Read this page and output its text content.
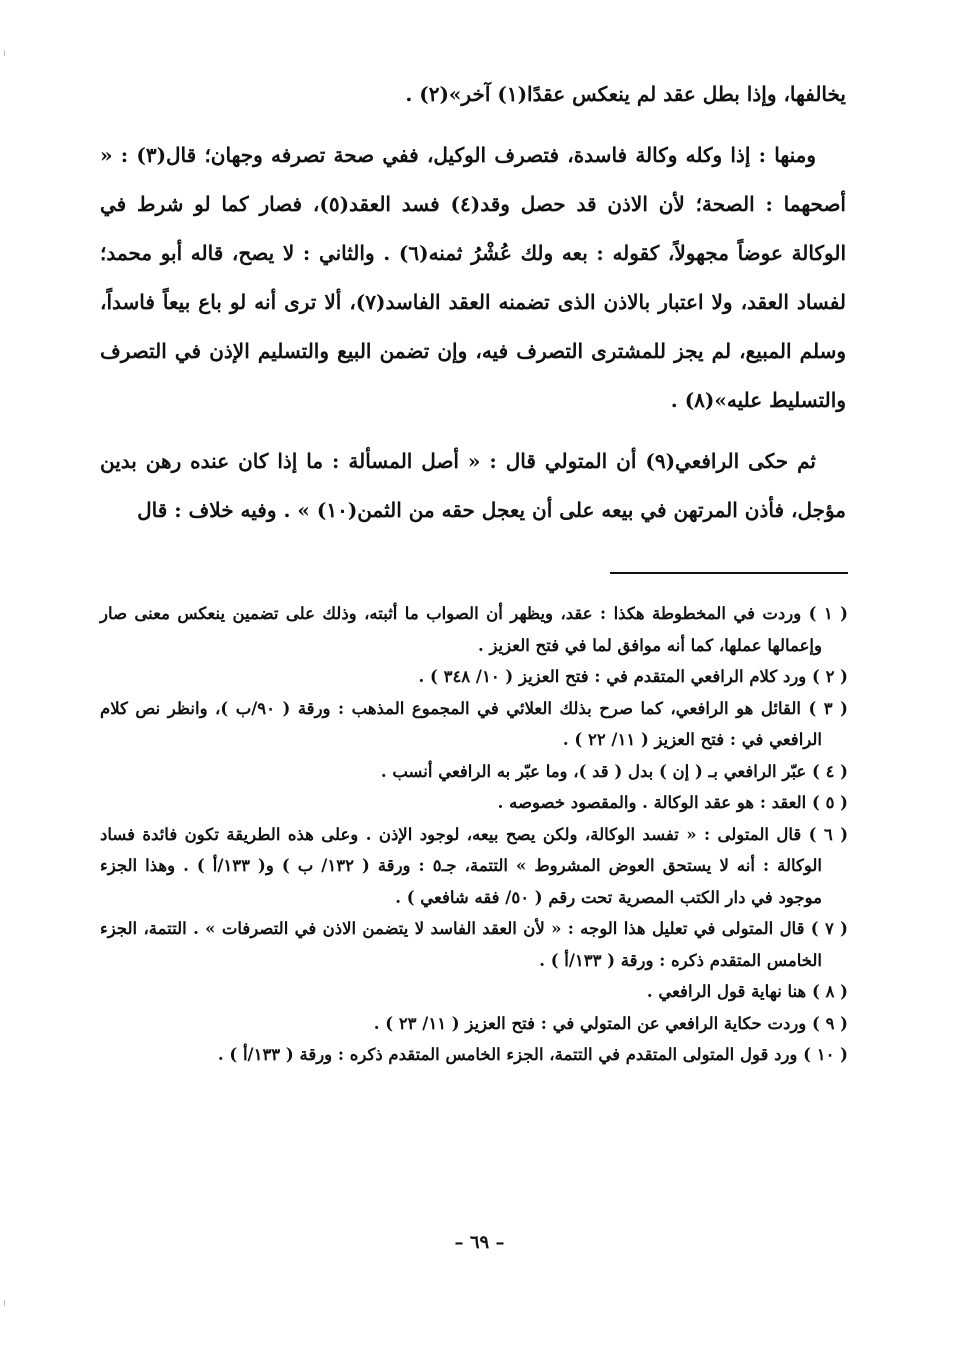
يخالفها، وإذا بطل عقد لم ينعكس عقدًا(١) آخر»(٢) .

ومنها : إذا وكله وكالة فاسدة، فتصرف الوكيل، ففي صحة تصرفه وجهان؛ قال(٣) : « أصحهما : الصحة؛ لأن الاذن قد حصل وقد(٤) فسد العقد(٥)، فصار كما لو شرط في الوكالة عوضاً مجهولاً، كقوله : بعه ولك عُشْرُ ثمنه(٦) . والثاني : لا يصح، قاله أبو محمد؛ لفساد العقد، ولا اعتبار بالاذن الذى تضمنه العقد الفاسد(٧)، ألا ترى أنه لو باع بيعاً فاسداً، وسلم المبيع، لم يجز للمشترى التصرف فيه، وإن تضمن البيع والتسليم الإذن في التصرف والتسليط عليه»(٨) .

ثم حكى الرافعي(٩) أن المتولي قال : « أصل المسألة : ما إذا كان عنده رهن بدين مؤجل، فأذن المرتهن في بيعه على أن يعجل حقه من الثمن(١٠) » . وفيه خلاف : قال

( ١ ) وردت في المخطوطة هكذا : عقد، ويظهر أن الصواب ما أثبته، وذلك على تضمين ينعكس معنى صار وإعمالها عملها، كما أنه موافق لما في فتح العزيز .

( ٢ ) ورد كلام الرافعي المتقدم في : فتح العزيز ( ١٠/ ٣٤٨ ) .

( ٣ ) القائل هو الرافعي، كما صرح بذلك العلائي في المجموع المذهب : ورقة ( ٩٠/ب )، وانظر نص كلام الرافعي في : فتح العزيز ( ١١/ ٢٢ ) .

( ٤ ) عبّر الرافعي بـ ( إن ) بدل ( قد )، وما عبّر به الرافعي أنسب .

( ٥ ) العقد : هو عقد الوكالة . والمقصود خصوصه .

( ٦ ) قال المتولى : « تفسد الوكالة، ولكن يصح بيعه، لوجود الإذن . وعلى هذه الطريقة تكون فائدة فساد الوكالة : أنه لا يستحق العوض المشروط » التتمة، جـ٥ : ورقة ( ١٣٢/ ب ) و( ١٣٣/أ ) . وهذا الجزء موجود في دار الكتب المصرية تحت رقم ( ٥٠/ فقه شافعي ) .

( ٧ ) قال المتولى في تعليل هذا الوجه : « لأن العقد الفاسد لا يتضمن الاذن في التصرفات » . التتمة، الجزء الخامس المتقدم ذكره : ورقة ( ١٣٣/أ ) .

( ٨ ) هنا نهاية قول الرافعي .

( ٩ ) وردت حكاية الرافعي عن المتولي في : فتح العزيز ( ١١/ ٢٣ ) .

( ١٠ ) ورد قول المتولى المتقدم في التتمة، الجزء الخامس المتقدم ذكره : ورقة ( ١٣٣/أ ) .

– ٦٩ –
